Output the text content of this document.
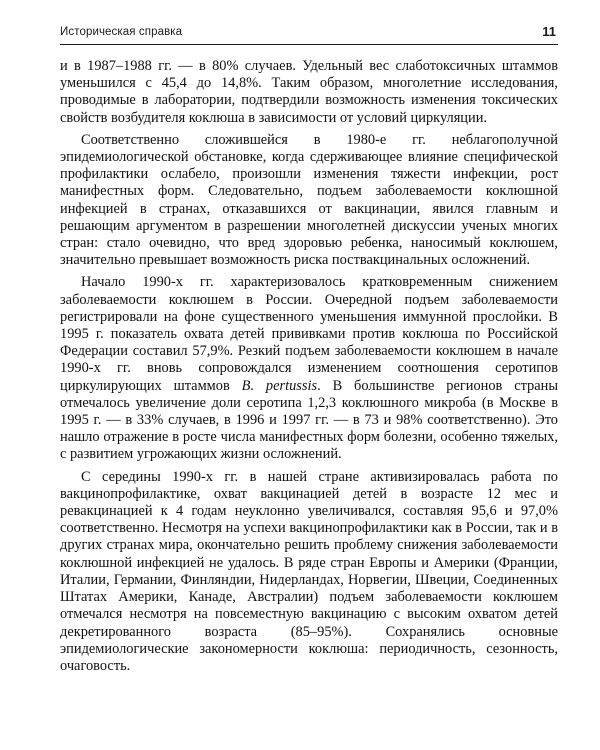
Историческая справка	11

и в 1987–1988 гг. — в 80% случаев. Удельный вес слаботоксичных штаммов уменьшился с 45,4 до 14,8%. Таким образом, многолетние исследования, проводимые в лаборатории, подтвердили возможность изменения токсических свойств возбудителя коклюша в зависимости от условий циркуляции.

Соответственно сложившейся в 1980-е гг. неблагополучной эпидемиологической обстановке, когда сдерживающее влияние специфической профилактики ослабело, произошли изменения тяжести инфекции, рост манифестных форм. Следовательно, подъем заболеваемости коклюшной инфекцией в странах, отказавшихся от вакцинации, явился главным и решающим аргументом в разрешении многолетней дискуссии ученых многих стран: стало очевидно, что вред здоровью ребенка, наносимый коклюшем, значительно превышает возможность риска поствакцинальных осложнений.

Начало 1990-х гг. характеризовалось кратковременным снижением заболеваемости коклюшем в России. Очередной подъем заболеваемости регистрировали на фоне существенного уменьшения иммунной прослойки. В 1995 г. показатель охвата детей прививками против коклюша по Российской Федерации составил 57,9%. Резкий подъем заболеваемости коклюшем в начале 1990-х гг. вновь сопровождался изменением соотношения серотипов циркулирующих штаммов B. pertussis. В большинстве регионов страны отмечалось увеличение доли серотипа 1,2,3 коклюшного микроба (в Москве в 1995 г. — в 33% случаев, в 1996 и 1997 гг. — в 73 и 98% соответственно). Это нашло отражение в росте числа манифестных форм болезни, особенно тяжелых, с развитием угрожающих жизни осложнений.

С середины 1990-х гг. в нашей стране активизировалась работа по вакцинопрофилактике, охват вакцинацией детей в возрасте 12 мес и ревакцинацией к 4 годам неуклонно увеличивался, составляя 95,6 и 97,0% соответственно. Несмотря на успехи вакцинопрофилактики как в России, так и в других странах мира, окончательно решить проблему снижения заболеваемости коклюшной инфекцией не удалось. В ряде стран Европы и Америки (Франции, Италии, Германии, Финляндии, Нидерландах, Норвегии, Швеции, Соединенных Штатах Америки, Канаде, Австралии) подъем заболеваемости коклюшем отмечался несмотря на повсеместную вакцинацию с высоким охватом детей декретированного возраста (85–95%). Сохранялись основные эпидемиологические закономерности коклюша: периодичность, сезонность, очаговость.
